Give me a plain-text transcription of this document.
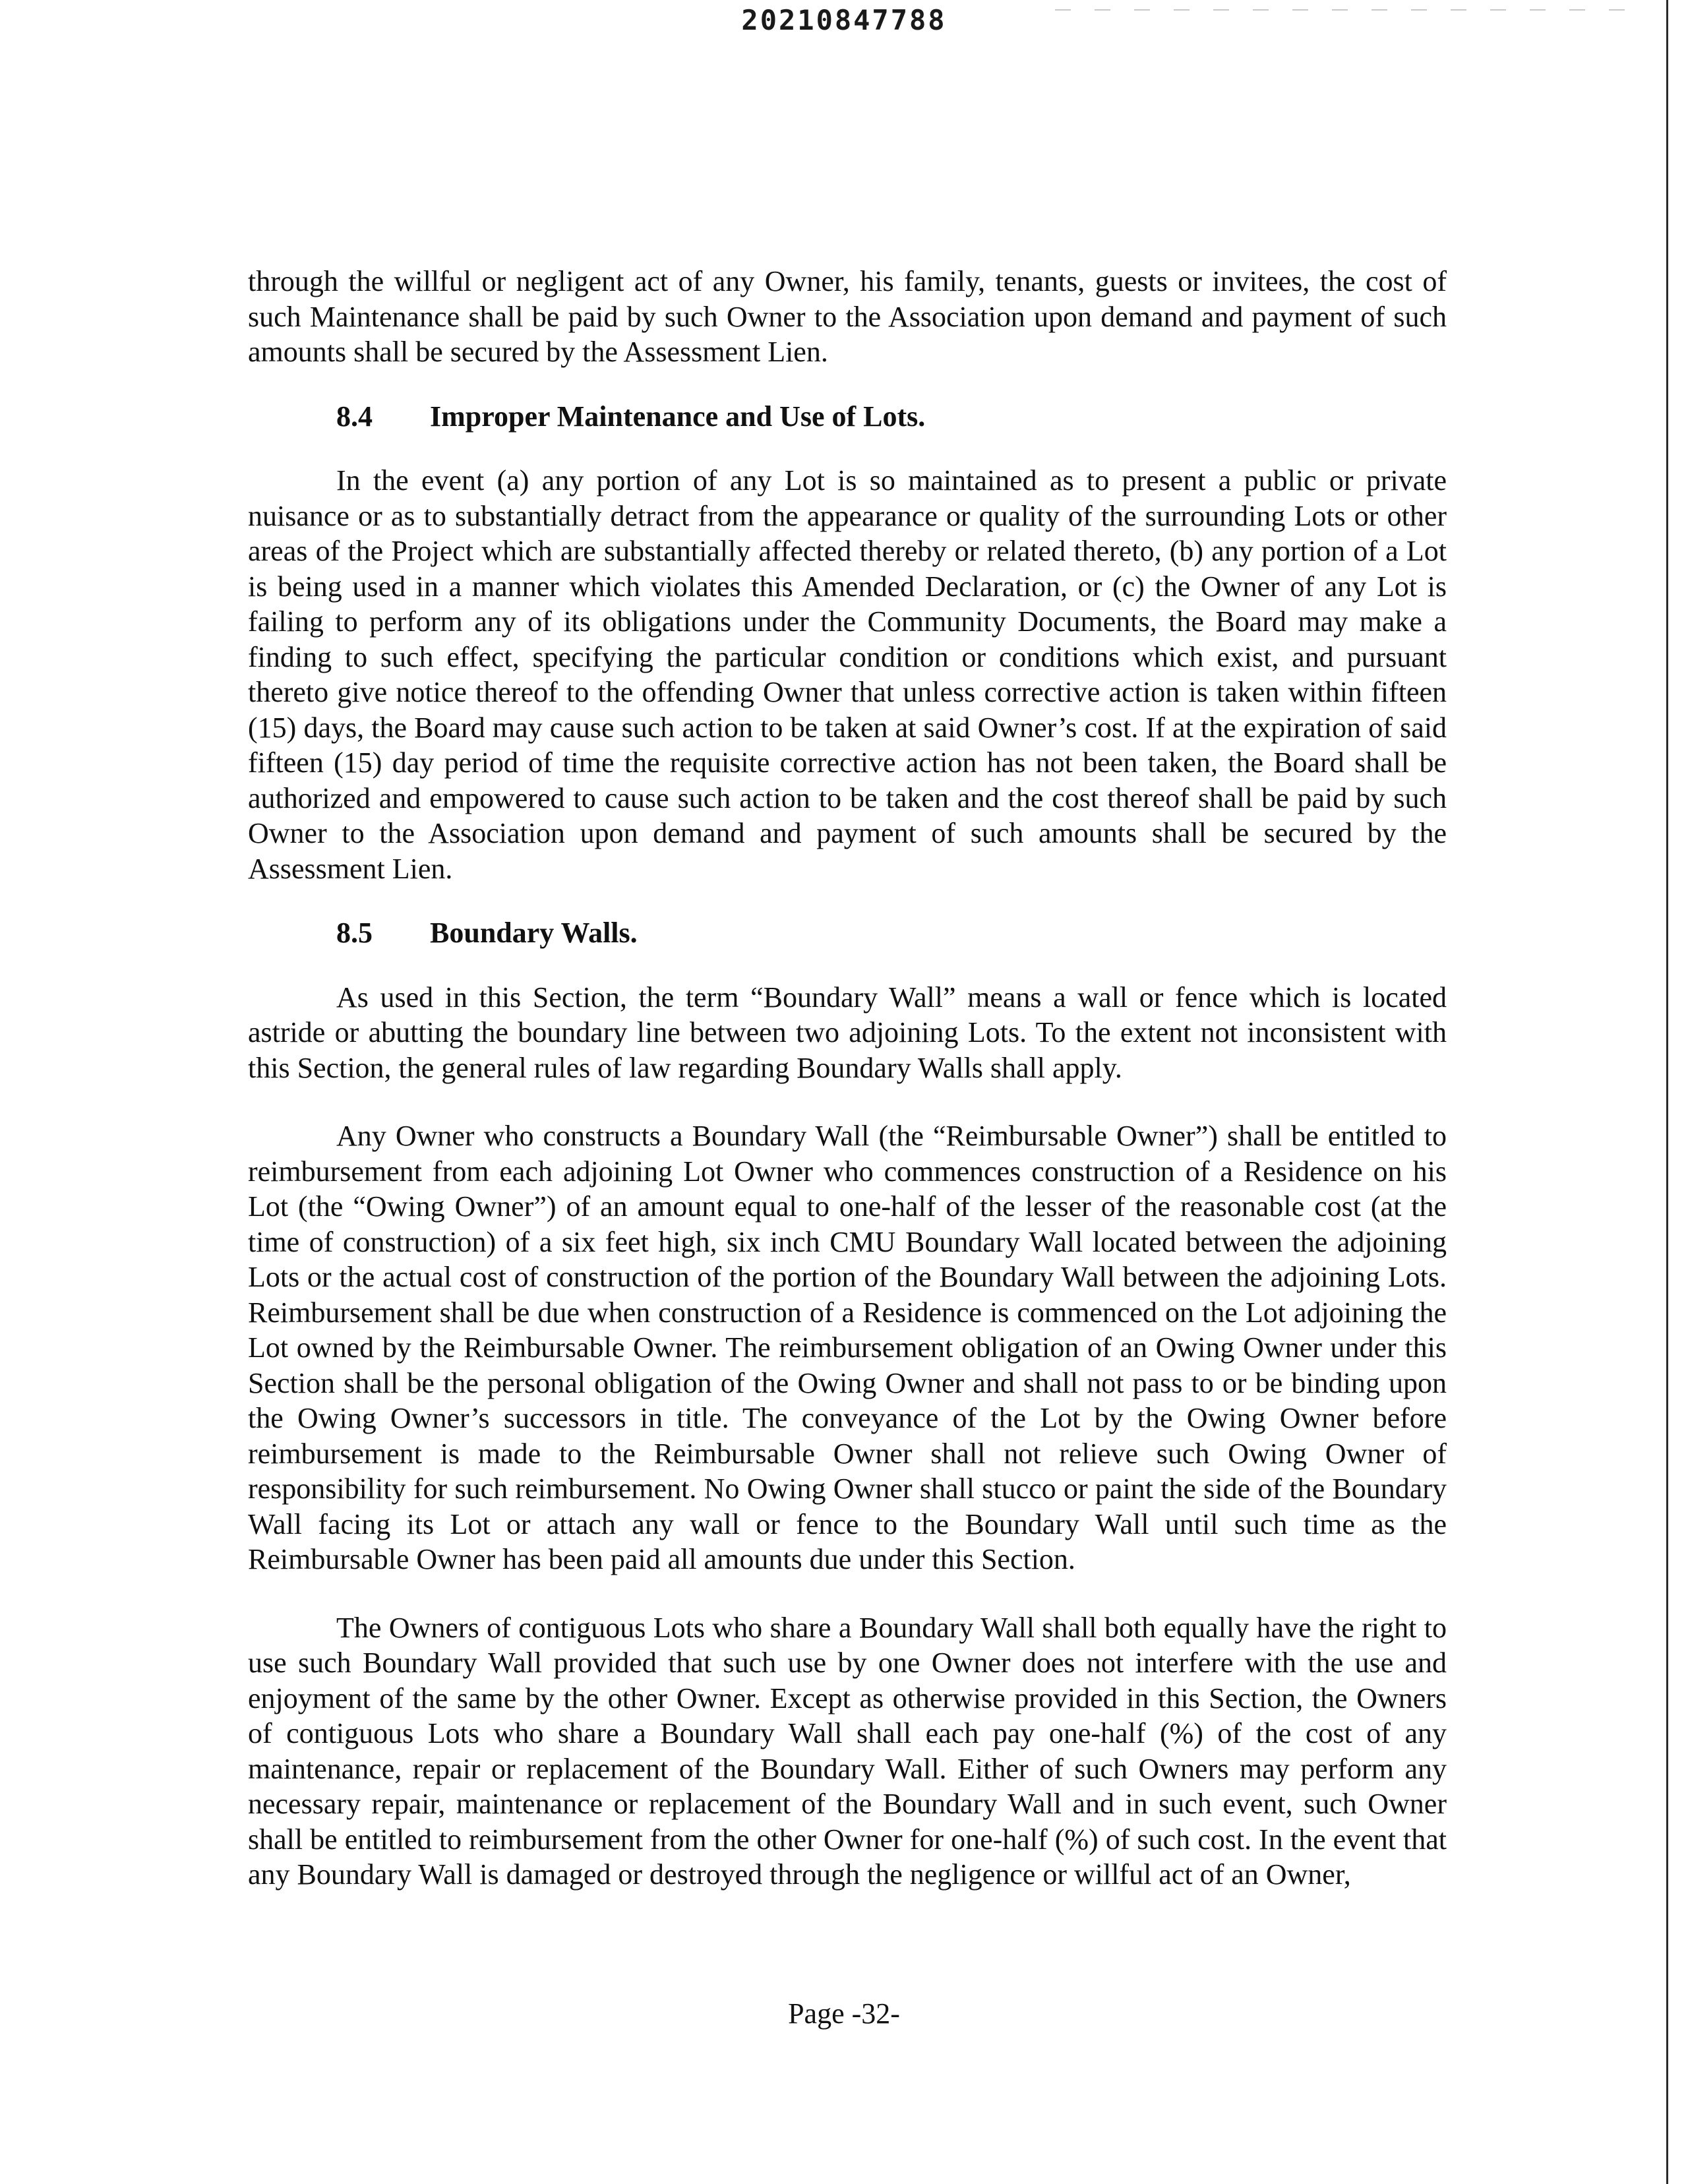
20210847788

through the willful or negligent act of any Owner, his family, tenants, guests or invitees, the cost of such Maintenance shall be paid by such Owner to the Association upon demand and payment of such amounts shall be secured by the Assessment Lien.

8.4 Improper Maintenance and Use of Lots.

In the event (a) any portion of any Lot is so maintained as to present a public or private nuisance or as to substantially detract from the appearance or quality of the surrounding Lots or other areas of the Project which are substantially affected thereby or related thereto, (b) any portion of a Lot is being used in a manner which violates this Amended Declaration, or (c) the Owner of any Lot is failing to perform any of its obligations under the Community Documents, the Board may make a finding to such effect, specifying the particular condition or conditions which exist, and pursuant thereto give notice thereof to the offending Owner that unless corrective action is taken within fifteen (15) days, the Board may cause such action to be taken at said Owner’s cost. If at the expiration of said fifteen (15) day period of time the requisite corrective action has not been taken, the Board shall be authorized and empowered to cause such action to be taken and the cost thereof shall be paid by such Owner to the Association upon demand and payment of such amounts shall be secured by the Assessment Lien.

8.5 Boundary Walls.

As used in this Section, the term “Boundary Wall” means a wall or fence which is located astride or abutting the boundary line between two adjoining Lots. To the extent not inconsistent with this Section, the general rules of law regarding Boundary Walls shall apply.

Any Owner who constructs a Boundary Wall (the “Reimbursable Owner”) shall be entitled to reimbursement from each adjoining Lot Owner who commences construction of a Residence on his Lot (the “Owing Owner”) of an amount equal to one-half of the lesser of the reasonable cost (at the time of construction) of a six feet high, six inch CMU Boundary Wall located between the adjoining Lots or the actual cost of construction of the portion of the Boundary Wall between the adjoining Lots. Reimbursement shall be due when construction of a Residence is commenced on the Lot adjoining the Lot owned by the Reimbursable Owner. The reimbursement obligation of an Owing Owner under this Section shall be the personal obligation of the Owing Owner and shall not pass to or be binding upon the Owing Owner’s successors in title. The conveyance of the Lot by the Owing Owner before reimbursement is made to the Reimbursable Owner shall not relieve such Owing Owner of responsibility for such reimbursement. No Owing Owner shall stucco or paint the side of the Boundary Wall facing its Lot or attach any wall or fence to the Boundary Wall until such time as the Reimbursable Owner has been paid all amounts due under this Section.

The Owners of contiguous Lots who share a Boundary Wall shall both equally have the right to use such Boundary Wall provided that such use by one Owner does not interfere with the use and enjoyment of the same by the other Owner. Except as otherwise provided in this Section, the Owners of contiguous Lots who share a Boundary Wall shall each pay one-half (%) of the cost of any maintenance, repair or replacement of the Boundary Wall. Either of such Owners may perform any necessary repair, maintenance or replacement of the Boundary Wall and in such event, such Owner shall be entitled to reimbursement from the other Owner for one-half (%) of such cost. In the event that any Boundary Wall is damaged or destroyed through the negligence or willful act of an Owner,

Page -32-
